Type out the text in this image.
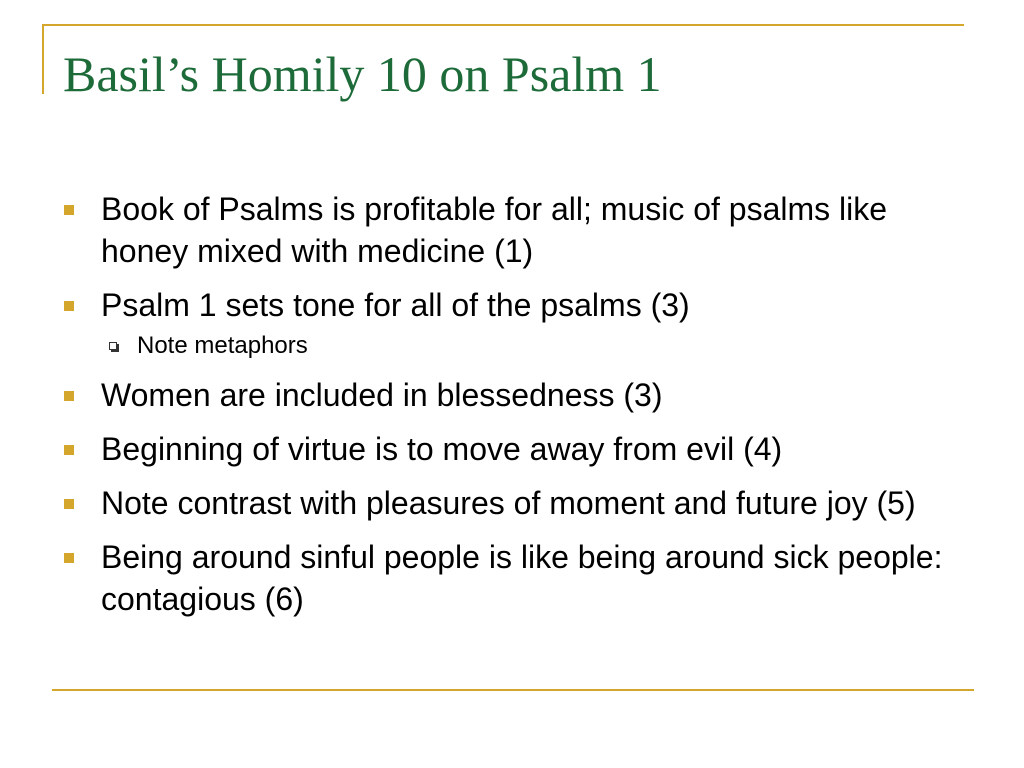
Basil’s Homily 10 on Psalm 1
Book of Psalms is profitable for all; music of psalms like honey mixed with medicine (1)
Psalm 1 sets tone for all of the psalms (3)
Note metaphors
Women are included in blessedness (3)
Beginning of virtue is to move away from evil (4)
Note contrast with pleasures of moment and future joy (5)
Being around sinful people is like being around sick people: contagious (6)
